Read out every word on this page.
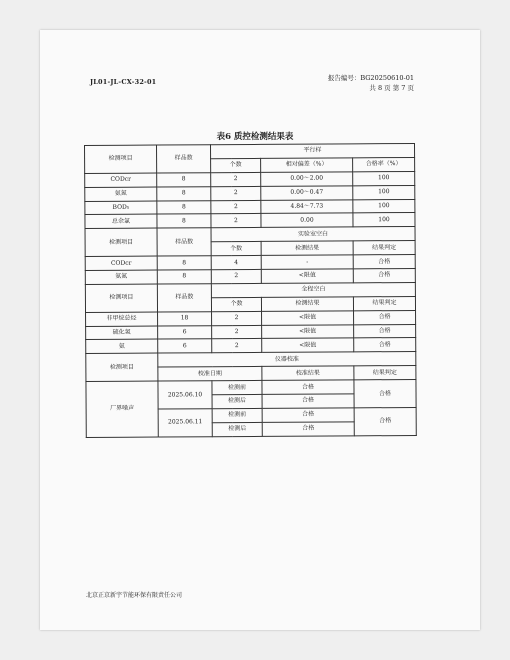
JL01-JL-CX-32-01	报告编号：BG20250610-01
共 8 页 第 7 页
表6 质控检测结果表
检测项目	样品数	平行样		
		个数	相对偏差（%）	合格率（%）
CODcr	8	2	0.00～2.00	100
氨氮	8	2	0.00～0.47	100
BOD₅	8	2	4.84～7.73	100
总余氯	8	2	0.00	100
检测项目	样品数	实验室空白		
		个数	检测结果	结果判定
CODcr	8	4	-	合格
氨氮	8	2	<限值	合格
检测项目	样品数	全程空白		
		个数	检测结果	结果判定
非甲烷总烃	18	2	<限值	合格
硫化氢	6	2	<限值	合格
氨	6	2	<限值	合格
检测项目	仪器校准			
	校准日期		校准结果	结果判定
厂界噪声	2025.06.10	检测前	合格	合格
		检测后	合格	
	2025.06.11	检测前	合格	合格
		检测后	合格	
北京正京新宇节能环保有限责任公司
